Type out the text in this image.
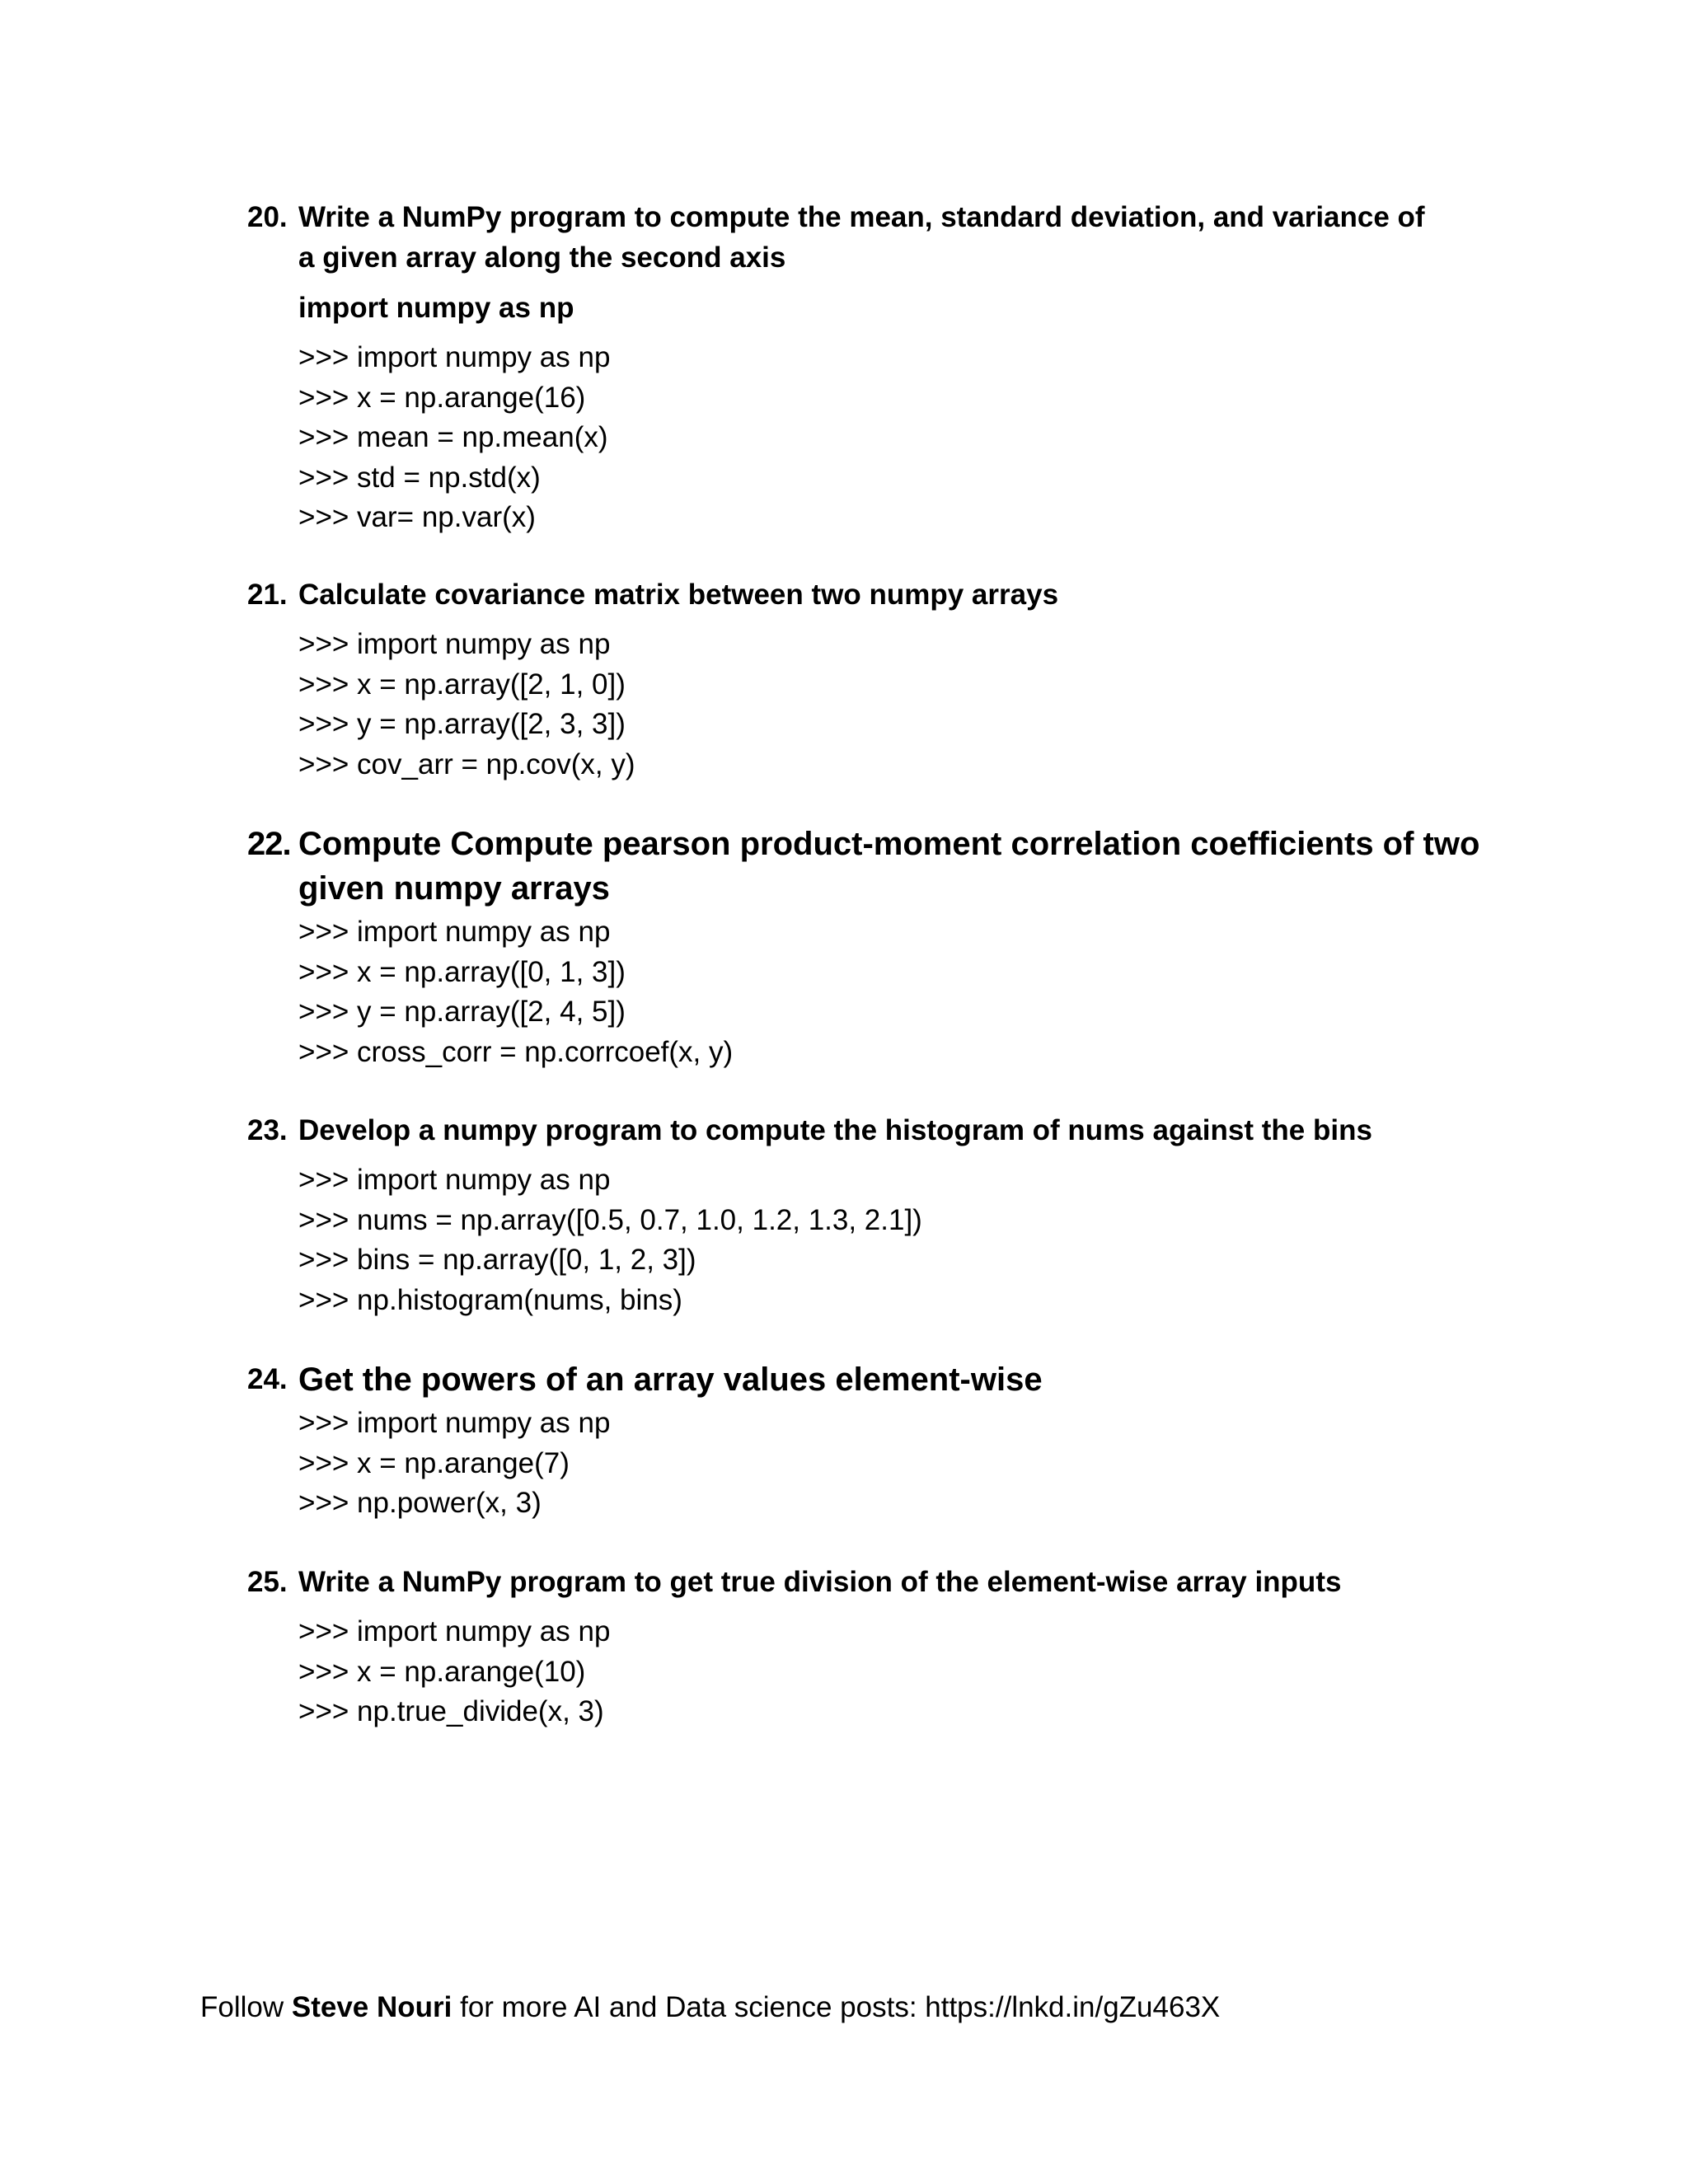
20. Write a NumPy program to compute the mean, standard deviation, and variance of
a given array along the second axis
import numpy as np
>>> import numpy as np
>>> x = np.arange(16)
>>> mean = np.mean(x)
>>> std = np.std(x)
>>> var= np.var(x)
21. Calculate covariance matrix between two numpy arrays
>>> import numpy as np
>>> x = np.array([2, 1, 0])
>>> y = np.array([2, 3, 3])
>>> cov_arr = np.cov(x, y)
22. Compute Compute pearson product-moment correlation coefficients of two
given numpy arrays
>>> import numpy as np
>>> x = np.array([0, 1, 3])
>>> y = np.array([2, 4, 5])
>>> cross_corr = np.corrcoef(x, y)
23. Develop a numpy program to compute the histogram of nums against the bins
>>> import numpy as np
>>> nums = np.array([0.5, 0.7, 1.0, 1.2, 1.3, 2.1])
>>> bins = np.array([0, 1, 2, 3])
>>> np.histogram(nums, bins)
24. Get the powers of an array values element-wise
>>> import numpy as np
>>> x = np.arange(7)
>>> np.power(x, 3)
25. Write a NumPy program to get true division of the element-wise array inputs
>>> import numpy as np
>>> x = np.arange(10)
>>> np.true_divide(x, 3)
Follow Steve Nouri for more AI and Data science posts: https://lnkd.in/gZu463X
